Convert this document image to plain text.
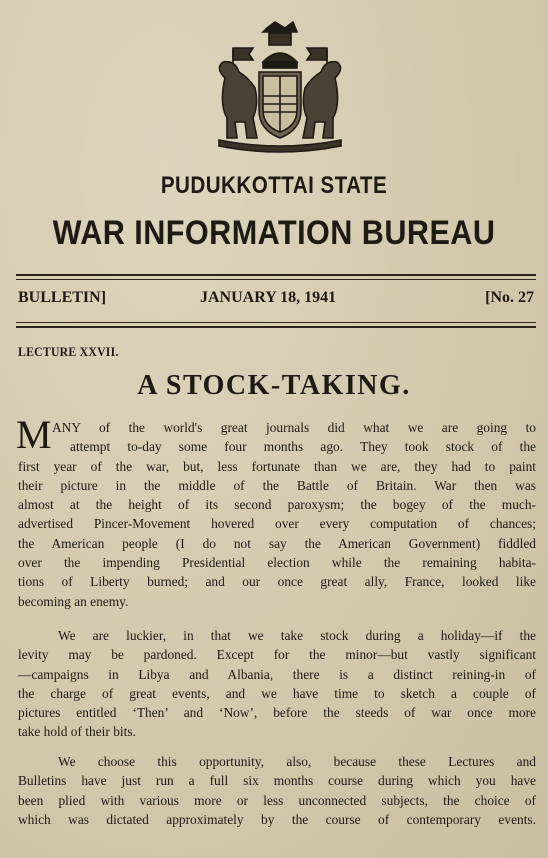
PUDUKKOTTAI STATE
WAR INFORMATION BUREAU
BULLETIN]	JANUARY 18, 1941	[No. 27
LECTURE XXVII.
A STOCK-TAKING.
M ANY of the world's great journals did what we are going to
attempt to-day some four months ago. They took stock of the
first year of the war, but, less fortunate than we are, they had to paint
their picture in the middle of the Battle of Britain. War then was
almost at the height of its second paroxysm; the bogey of the much-
advertised Pincer-Movement hovered over every computation of chances;
the American people (I do not say the American Government) fiddled
over the impending Presidential election while the remaining habita-
tions of Liberty burned; and our once great ally, France, looked like
becoming an enemy.
We are luckier, in that we take stock during a holiday—if the
levity may be pardoned. Except for the minor—but vastly significant
—campaigns in Libya and Albania, there is a distinct reining-in of
the charge of great events, and we have time to sketch a couple of
pictures entitled ‘Then’ and ‘Now’, before the steeds of war once more
take hold of their bits.
We choose this opportunity, also, because these Lectures and
Bulletins have just run a full six months course during which you have
been plied with various more or less unconnected subjects, the choice of
which was dictated approximately by the course of contemporary events.
